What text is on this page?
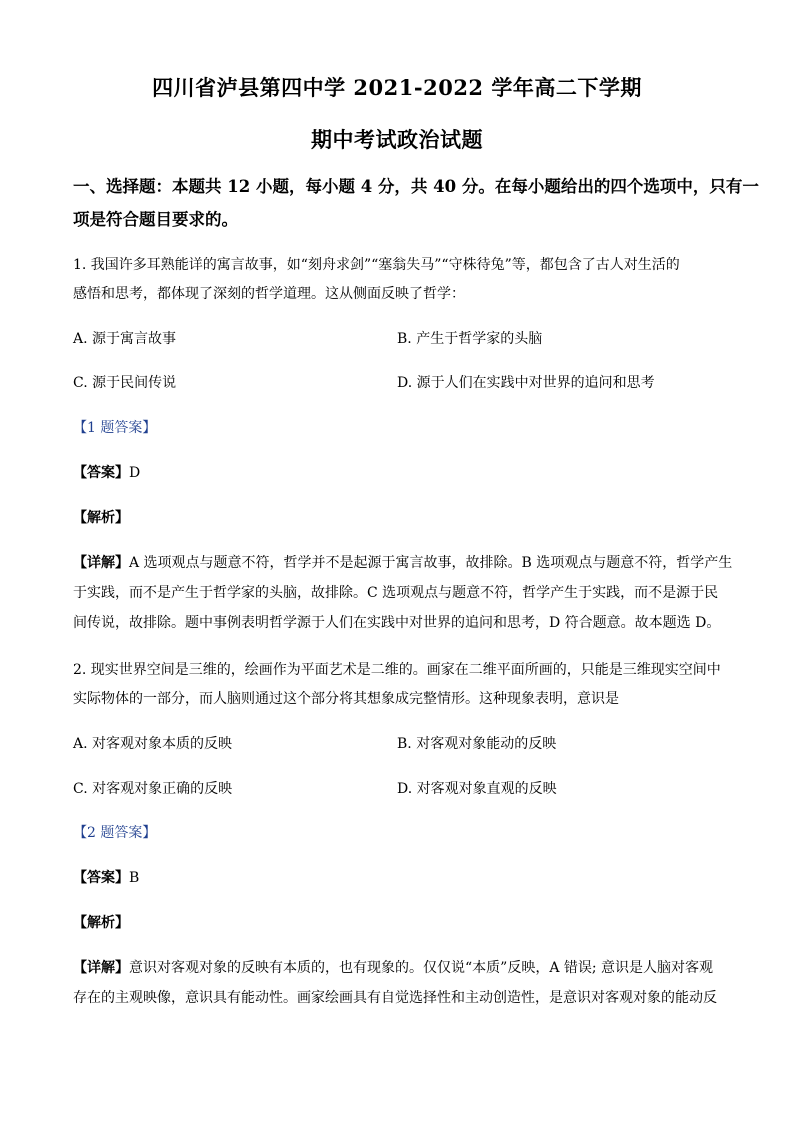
四川省泸县第四中学 2021-2022 学年高二下学期
期中考试政治试题
一、选择题：本题共 12 小题，每小题 4 分，共 40 分。在每小题给出的四个选项中，只有一
项是符合题目要求的。
1. 我国许多耳熟能详的寓言故事，如“刻舟求剑”“塞翁失马”“守株待兔”等，都包含了古人对生活的
感悟和思考，都体现了深刻的哲学道理。这从侧面反映了哲学：
A. 源于寓言故事	B. 产生于哲学家的头脑
C. 源于民间传说	D. 源于人们在实践中对世界的追问和思考
【1 题答案】
【答案】D
【解析】
【详解】A 选项观点与题意不符，哲学并不是起源于寓言故事，故排除。B 选项观点与题意不符，哲学产生
于实践，而不是产生于哲学家的头脑，故排除。C 选项观点与题意不符，哲学产生于实践，而不是源于民
间传说，故排除。题中事例表明哲学源于人们在实践中对世界的追问和思考，D 符合题意。故本题选 D。
2. 现实世界空间是三维的，绘画作为平面艺术是二维的。画家在二维平面所画的，只能是三维现实空间中
实际物体的一部分，而人脑则通过这个部分将其想象成完整情形。这种现象表明，意识是
A. 对客观对象本质的反映	B. 对客观对象能动的反映
C. 对客观对象正确的反映	D. 对客观对象直观的反映
【2 题答案】
【答案】B
【解析】
【详解】意识对客观对象的反映有本质的，也有现象的。仅仅说“本质”反映，A 错误; 意识是人脑对客观
存在的主观映像，意识具有能动性。画家绘画具有自觉选择性和主动创造性，是意识对客观对象的能动反
